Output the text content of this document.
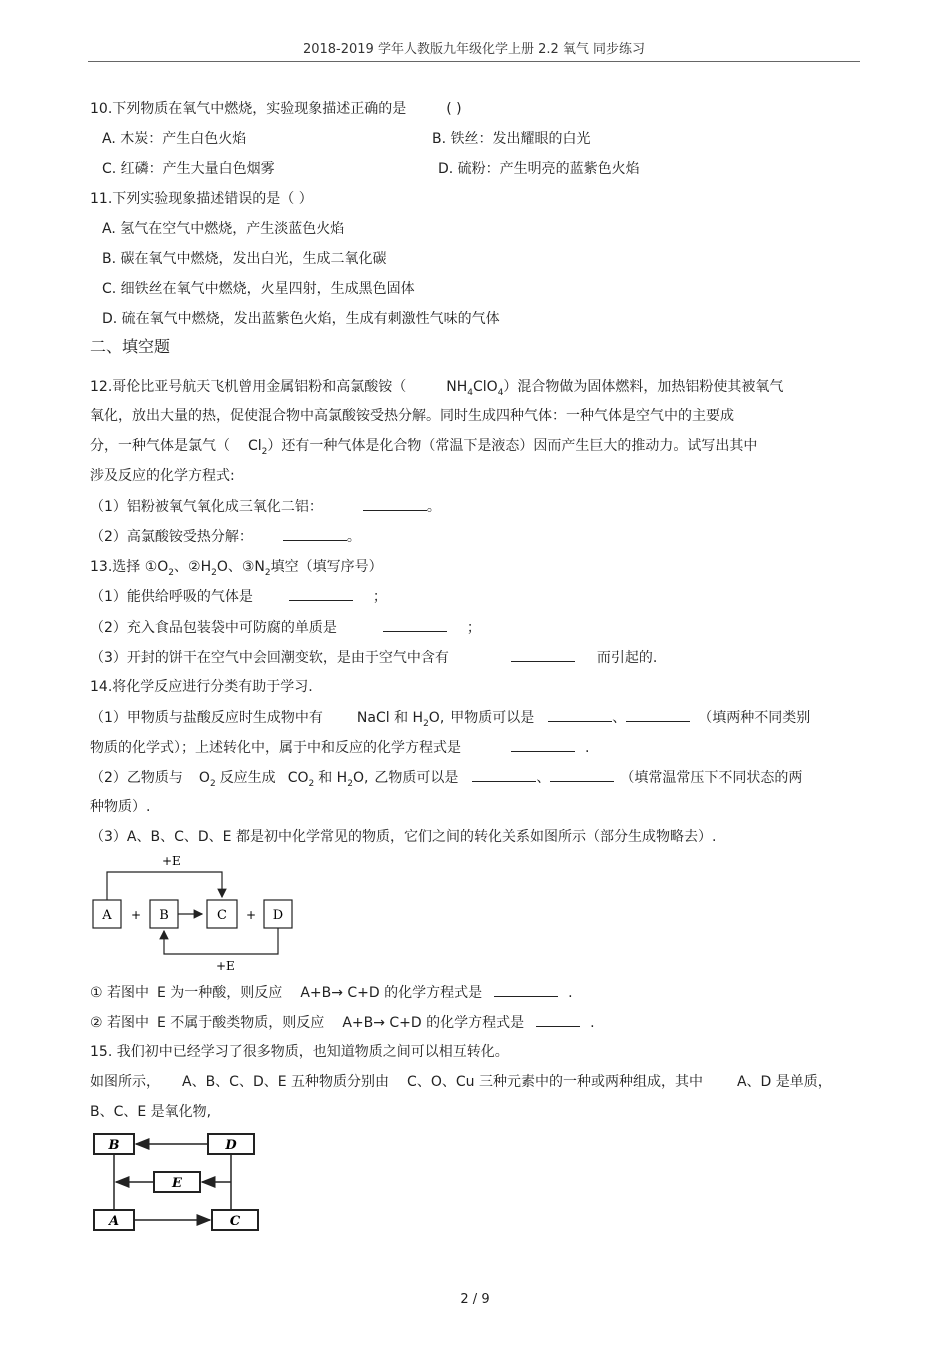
2018-2019 学年人教版九年级化学上册 2.2 氧气 同步练习
10.下列物质在氧气中燃烧，实验现象描述正确的是	( )
A. 木炭：产生白色火焰	B. 铁丝：发出耀眼的白光
C. 红磷：产生大量白色烟雾	D. 硫粉：产生明亮的蓝紫色火焰
11.下列实验现象描述错误的是（ ）
A. 氢气在空气中燃烧，产生淡蓝色火焰
B. 碳在氧气中燃烧，发出白光，生成二氧化碳
C. 细铁丝在氧气中燃烧，火星四射，生成黑色固体
D. 硫在氧气中燃烧，发出蓝紫色火焰，生成有刺激性气味的气体
二、填空题
12.哥伦比亚号航天飞机曾用金属铝粉和高氯酸铵（	$NH_4ClO_4$）混合物做为固体燃料，加热铝粉使其被氧气
氧化，放出大量的热，促使混合物中高氯酸铵受热分解。同时生成四种气体：一种气体是空气中的主要成
分，一种气体是氯气（ $Cl_2$）还有一种气体是化合物（常温下是液态）因而产生巨大的推动力。试写出其中
涉及反应的化学方程式:
（1）铝粉被氧气氧化成三氧化二铝：	。
（2）高氯酸铵受热分解：	。
13.选择 $①O_2$、$②H_2O$、$③N_2$填空（填写序号）
（1）能供给呼吸的气体是	；
（2）充入食品包装袋中可防腐的单质是	；
（3）开封的饼干在空气中会回潮变软，是由于空气中含有	而引起的.
14.将化学反应进行分类有助于学习.
（1）甲物质与盐酸反应时生成物中有 NaCl 和 $H_2O$, 甲物质可以是	、	（填两种不同类别
物质的化学式）；上述转化中，属于中和反应的化学方程式是	.
（2）乙物质与 $O_2$ 反应生成 $CO_2$ 和 $H_2O$, 乙物质可以是	、	（填常温常压下不同状态的两
种物质）.
（3）A、B、C、D、E 都是初中化学常见的物质，它们之间的转化关系如图所示（部分生成物略去）.
+E
A + B	C + D
+E
① 若图中 E 为一种酸，则反应 A+B→ C+D 的化学方程式是	.
② 若图中 E 不属于酸类物质，则反应 A+B→ C+D 的化学方程式是	.
15. 我们初中已经学习了很多物质，也知道物质之间可以相互转化。
如图所示， A、B、C、D、E 五种物质分别由 C、O、Cu 三种元素中的一种或两种组成，其中 A、D 是单质，
B、C、E 是氧化物,
B	D
E
A	C
2 / 9
